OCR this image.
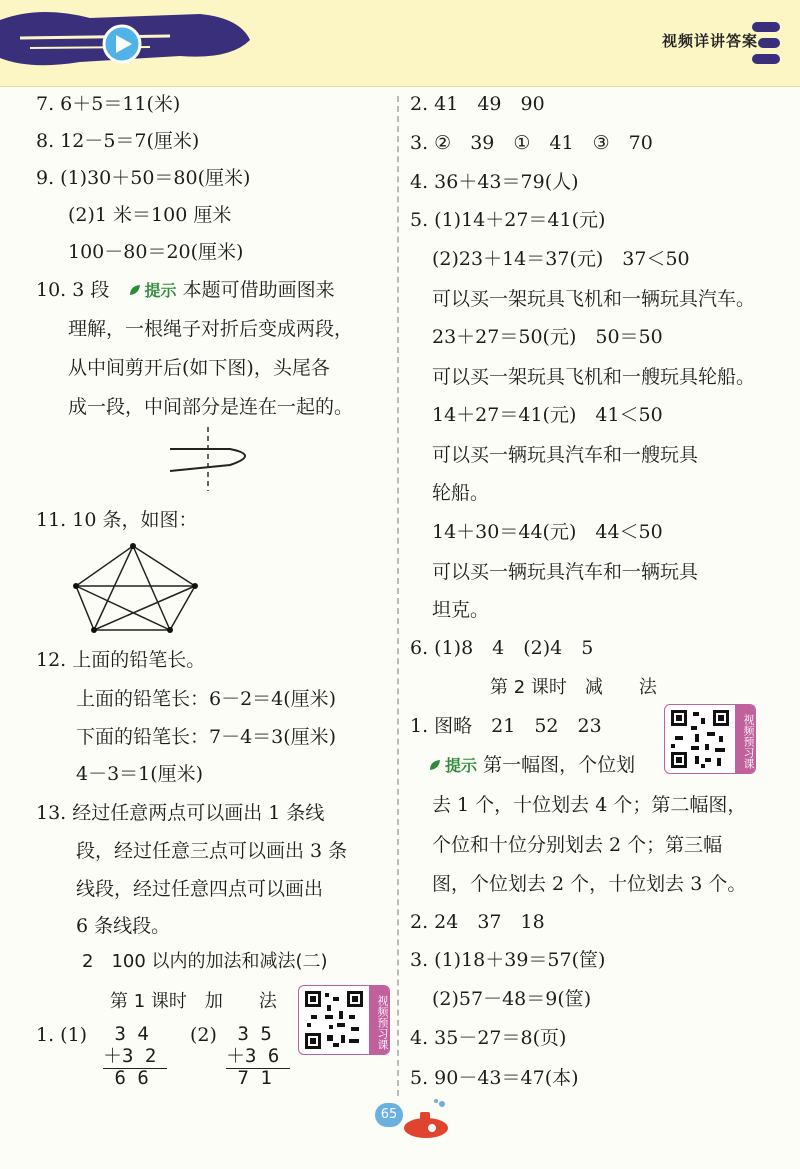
视频详讲答案
7. 6＋5＝11(米)
8. 12－5＝7(厘米)
9. (1)30＋50＝80(厘米)
(2)1 米＝100 厘米
100－80＝20(厘米)
10. 3 段 提示 本题可借助画图来
理解，一根绳子对折后变成两段，
从中间剪开后(如下图)，头尾各
成一段，中间部分是连在一起的。
11. 10 条，如图：
12. 上面的铅笔长。
上面的铅笔长：6－2＝4(厘米)
下面的铅笔长：7－4＝3(厘米)
4－3＝1(厘米)
13. 经过任意两点可以画出 1 条线
段，经过任意三点可以画出 3 条
线段，经过任意四点可以画出
6 条线段。
2　100 以内的加法和减法(二)
第 1 课时　加　　法	视频预习课
1. (1) 3 4
＋3 2
6 6
(2) 3 5
＋3 6
7 1
2. 41　49　90
3. ②　39　①　41　③　70
4. 36＋43＝79(人)
5. (1)14＋27＝41(元)
(2)23＋14＝37(元)　37＜50
可以买一架玩具飞机和一辆玩具汽车。
23＋27＝50(元)　50＝50
可以买一架玩具飞机和一艘玩具轮船。
14＋27＝41(元)　41＜50
可以买一辆玩具汽车和一艘玩具
轮船。
14＋30＝44(元)　44＜50
可以买一辆玩具汽车和一辆玩具
坦克。
6. (1)8　4　(2)4　5
第 2 课时　减　　法
1. 图略　21　52　23	视频预习课
提示 第一幅图，个位划
去 1 个，十位划去 4 个；第二幅图，
个位和十位分别划去 2 个；第三幅
图，个位划去 2 个，十位划去 3 个。
2. 24　37　18
3. (1)18＋39＝57(筐)
(2)57－48＝9(筐)
4. 35－27＝8(页)
5. 90－43＝47(本)
65
